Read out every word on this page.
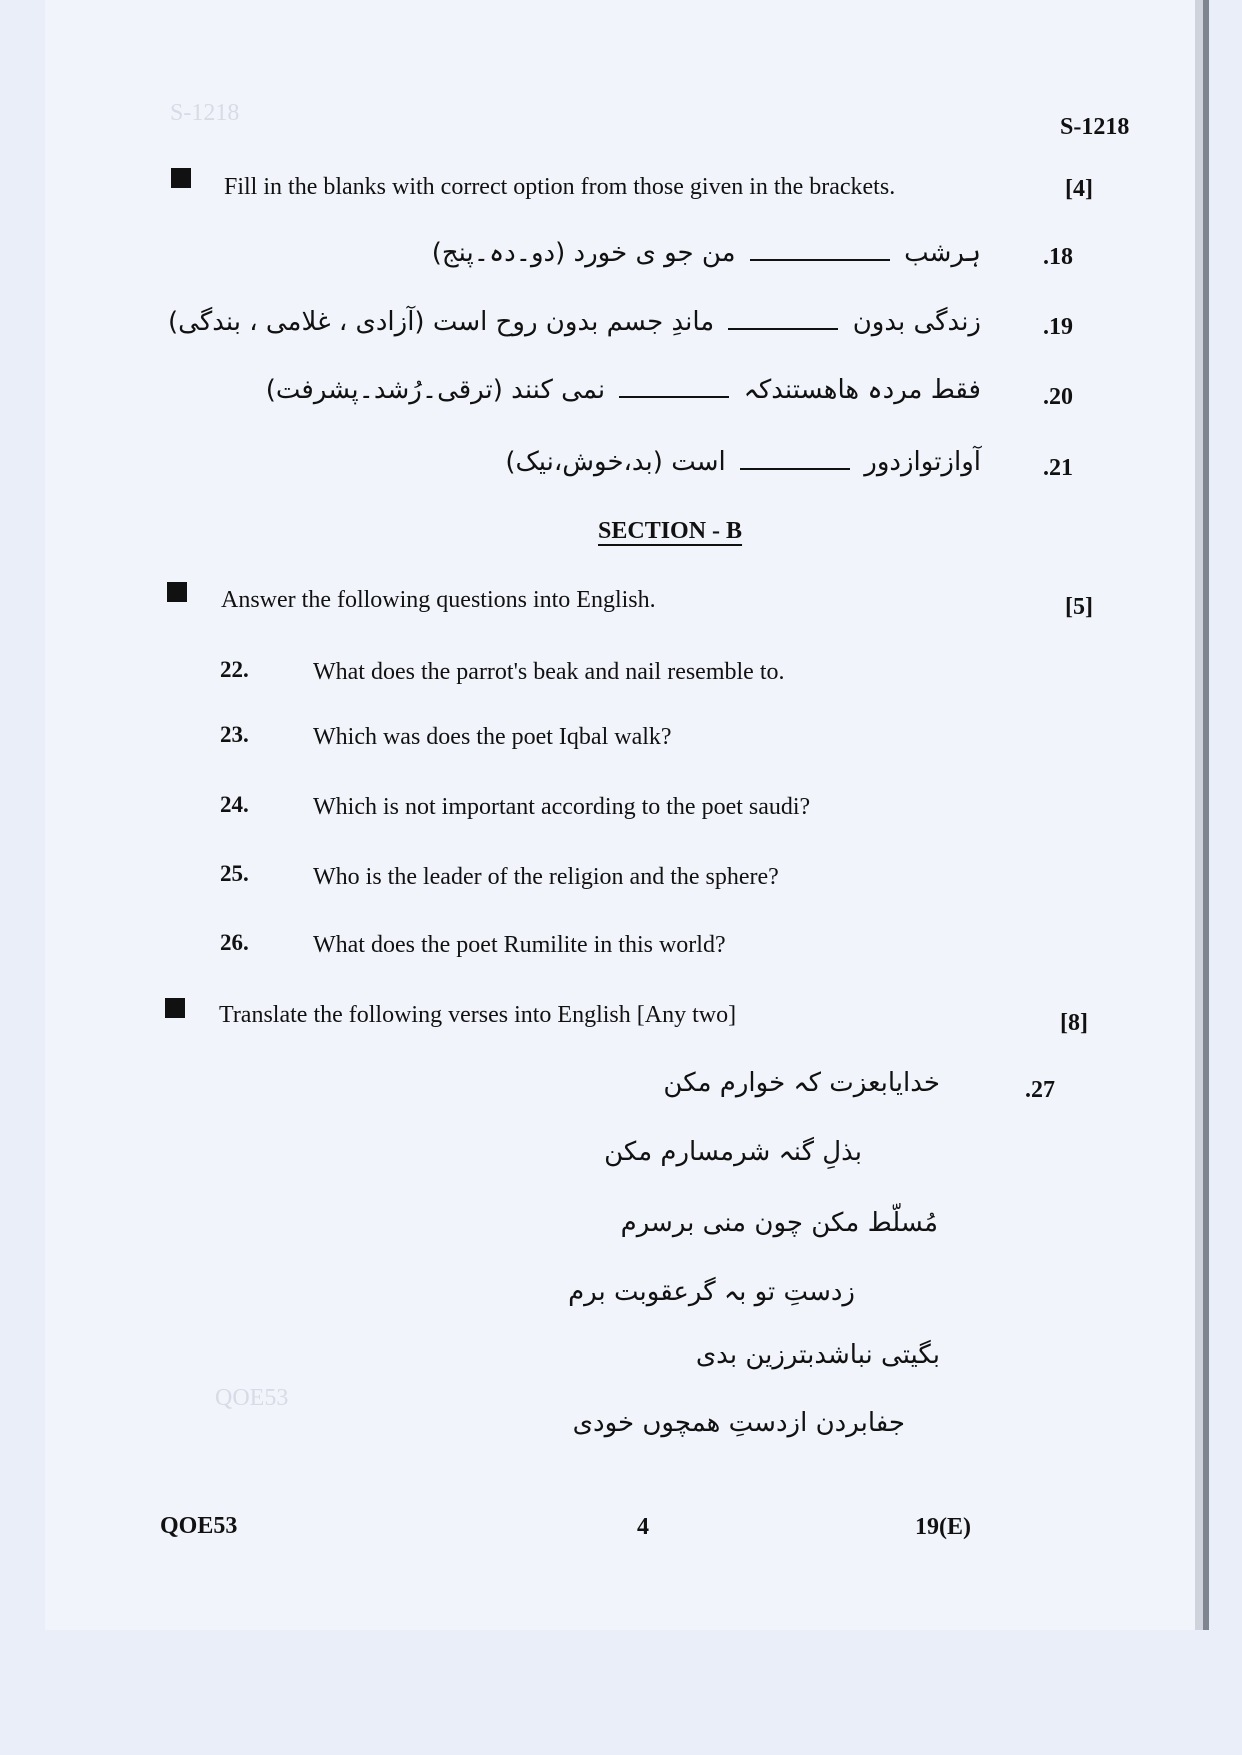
S-1218
QOE53
S-1218
Fill in the blanks with correct option from those given in the brackets.	[4]
.18
ہرشب  من جو ی خورد (دو۔دہ۔پنج)
.19
زندگی بدون  ماندِ جسم بدون روح است (آزادی ، غلامی ، بندگی)
.20
فقط مردہ ھاھستندکہ  نمی کنند (ترقی۔رُشد۔پشرفت)
.21
آوازتوازدور  است (بد،خوش،نیک)
SECTION - B
Answer the following questions into English.	[5]
22.	What does the parrot's beak and nail resemble to.
23.	Which was does the poet Iqbal walk?
24.	Which is not important according to the poet saudi?
25.	Who is the leader of the religion and the sphere?
26.	What does the poet Rumilite in this world?
Translate the following verses into English [Any two]	[8]
.27
خدایابعزت کہ خوارم مکن
بذلِ گنہ شرمسارم مکن
مُسلّط مکن چون منی برسرم
زدستِ تو بہ گرعقوبت برم
بگیتی نباشدبترزین بدی
جفابردن ازدستِ ھمچوں خودی
QOE53	4	19(E)
